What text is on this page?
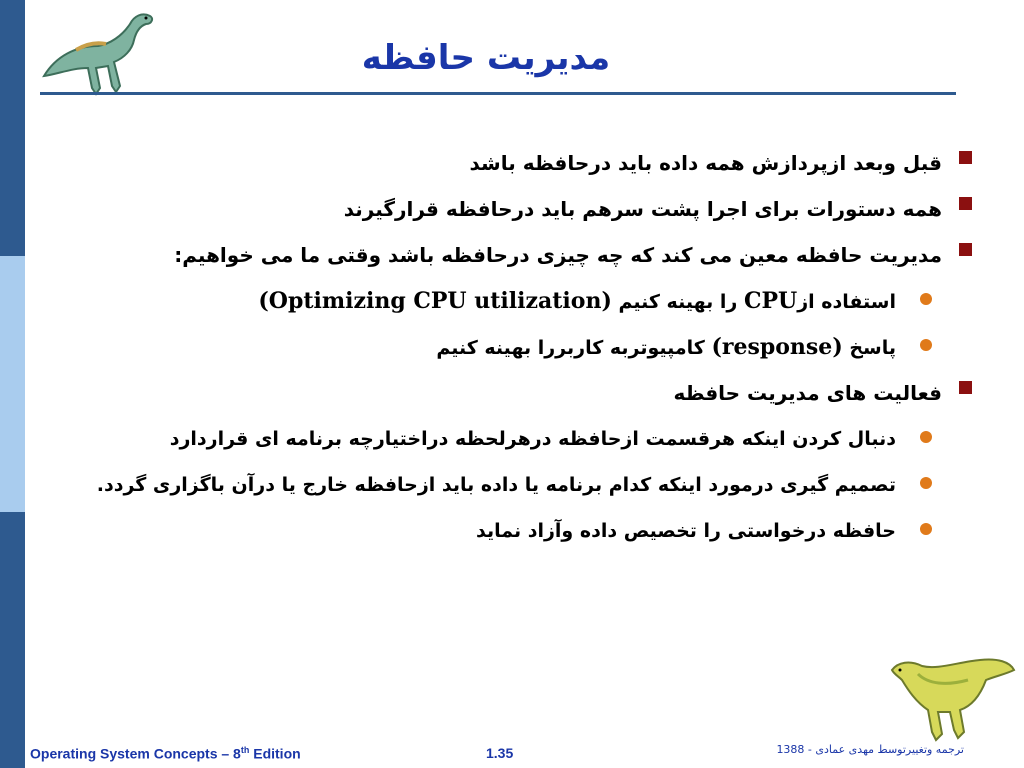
مدیریت حافظه
قبل وبعد ازپردازش همه داده باید درحافظه باشد
همه دستورات برای اجرا پشت سرهم باید درحافظه قرارگیرند
مدیریت حافظه معین می کند که چه چیزی درحافظه باشد وقتی ما می خواهیم:
استفاده ازCPU را بهینه کنیم (Optimizing CPU utilization)
پاسخ (response) کامپیوتربه کاربررا بهینه کنیم
فعالیت های مدیریت حافظه
دنبال کردن اینکه هرقسمت ازحافظه درهرلحظه دراختیارچه برنامه ای قراردارد
تصمیم گیری درمورد اینکه کدام برنامه یا داده باید ازحافظه خارج یا درآن باگزاری گردد.
حافظه درخواستی را تخصیص داده وآزاد نماید
Operating System Concepts – 8th Edition	1.35	ترجمه وتغییرتوسط مهدی عمادی - 1388
